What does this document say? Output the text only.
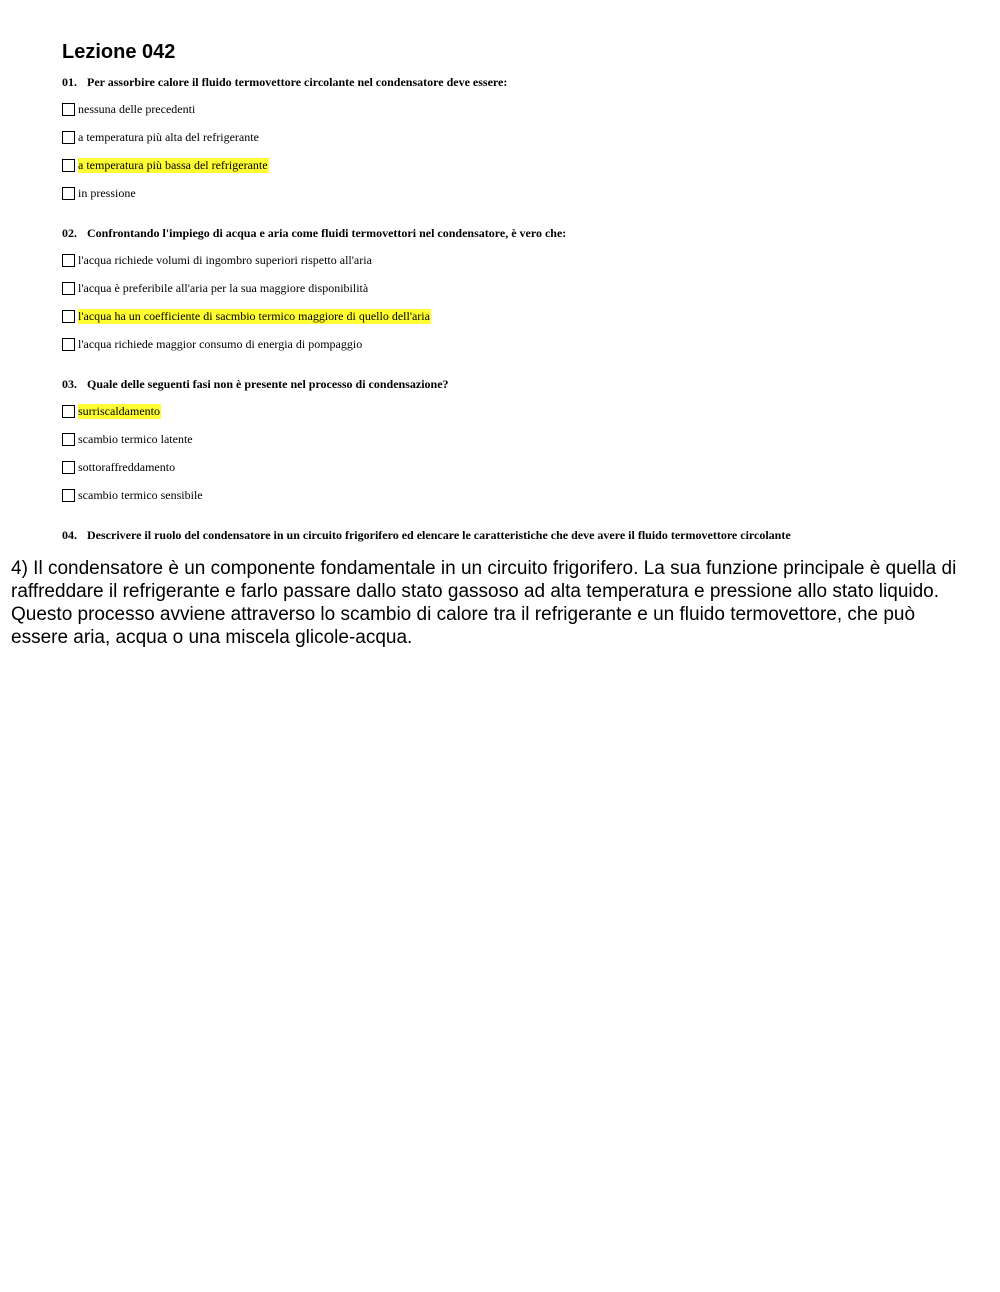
Lezione 042
01. Per assorbire calore il fluido termovettore circolante nel condensatore deve essere:
nessuna delle precedenti
a temperatura più alta del refrigerante
a temperatura più bassa del refrigerante
in pressione
02. Confrontando l'impiego di acqua e aria come fluidi termovettori nel condensatore, è vero che:
l'acqua richiede volumi di ingombro superiori rispetto all'aria
l'acqua è preferibile all'aria per la sua maggiore disponibilità
l'acqua ha un coefficiente di sacmbio termico maggiore di quello dell'aria
l'acqua richiede maggior consumo di energia di pompaggio
03. Quale delle seguenti fasi non è presente nel processo di condensazione?
surriscaldamento
scambio termico latente
sottoraffreddamento
scambio termico sensibile
04. Descrivere il ruolo del condensatore in un circuito frigorifero ed elencare le caratteristiche che deve avere il fluido termovettore circolante

4) Il condensatore è un componente fondamentale in un circuito frigorifero. La sua funzione principale è quella di raffreddare il refrigerante e farlo passare dallo stato gassoso ad alta temperatura e pressione allo stato liquido. Questo processo avviene attraverso lo scambio di calore tra il refrigerante e un fluido termovettore, che può essere aria, acqua o una miscela glicole-acqua.
